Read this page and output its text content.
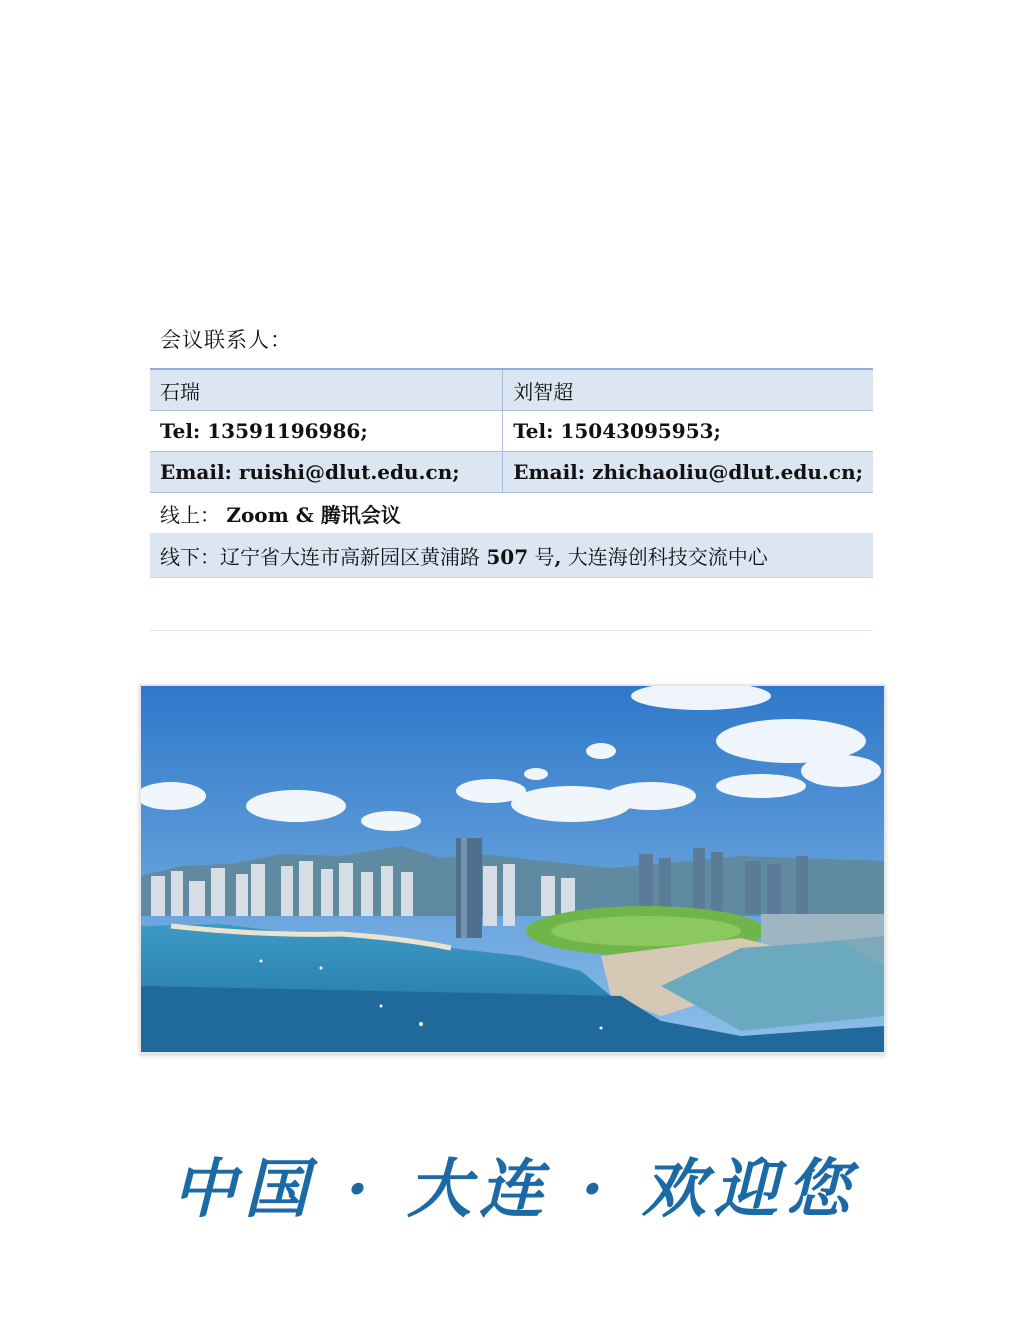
会议联系人：
石瑞	刘智超
Tel: 13591196986;	Tel: 15043095953;
Email: ruishi@dlut.edu.cn;	Email: zhichaoliu@dlut.edu.cn;
线上： Zoom & 腾讯会议	
线下：辽宁省大连市高新园区黄浦路 507 号, 大连海创科技交流中心	
中国 · 大连 · 欢迎您
